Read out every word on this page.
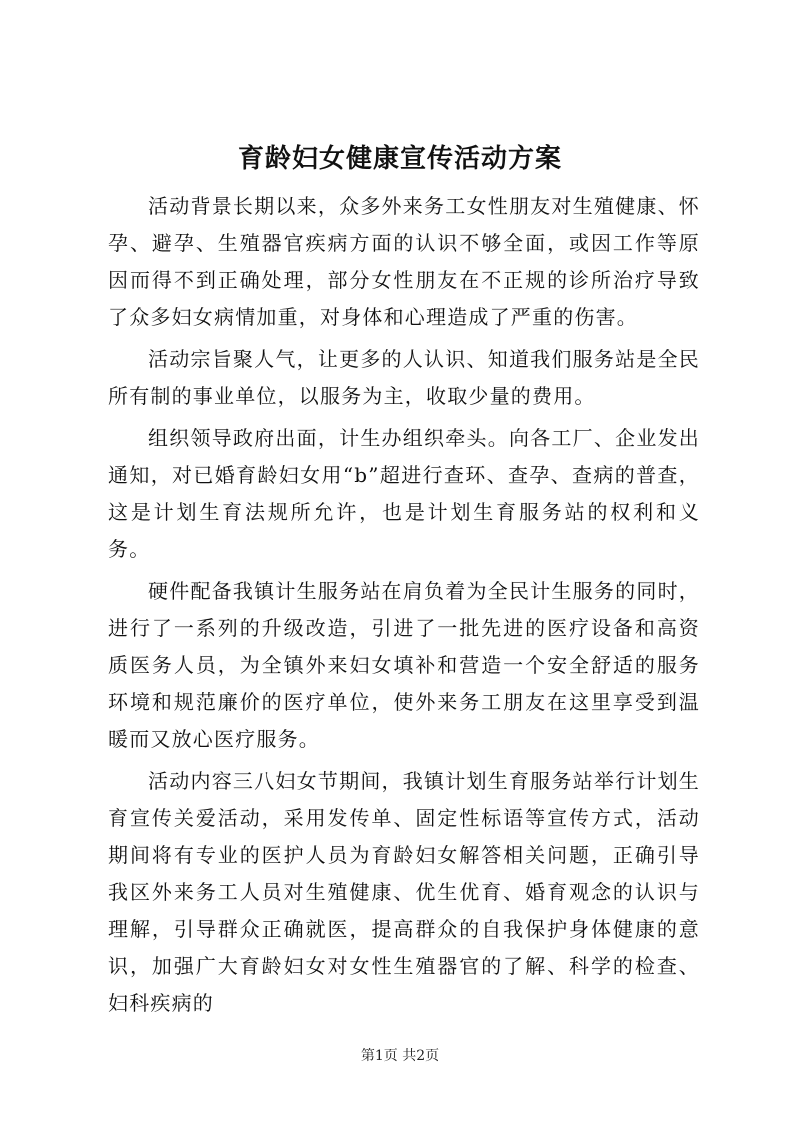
育龄妇女健康宣传活动方案

活动背景长期以来，众多外来务工女性朋友对生殖健康、怀孕、避孕、生殖器官疾病方面的认识不够全面，或因工作等原因而得不到正确处理，部分女性朋友在不正规的诊所治疗导致了众多妇女病情加重，对身体和心理造成了严重的伤害。

活动宗旨聚人气，让更多的人认识、知道我们服务站是全民所有制的事业单位，以服务为主，收取少量的费用。

组织领导政府出面，计生办组织牵头。向各工厂、企业发出通知，对已婚育龄妇女用“b”超进行查环、查孕、查病的普查，这是计划生育法规所允许，也是计划生育服务站的权利和义务。

硬件配备我镇计生服务站在肩负着为全民计生服务的同时，进行了一系列的升级改造，引进了一批先进的医疗设备和高资质医务人员，为全镇外来妇女填补和营造一个安全舒适的服务环境和规范廉价的医疗单位，使外来务工朋友在这里享受到温暖而又放心医疗服务。

活动内容三八妇女节期间，我镇计划生育服务站举行计划生育宣传关爱活动，采用发传单、固定性标语等宣传方式，活动期间将有专业的医护人员为育龄妇女解答相关问题，正确引导我区外来务工人员对生殖健康、优生优育、婚育观念的认识与理解，引导群众正确就医，提高群众的自我保护身体健康的意识，加强广大育龄妇女对女性生殖器官的了解、科学的检查、妇科疾病的

第1页 共2页
